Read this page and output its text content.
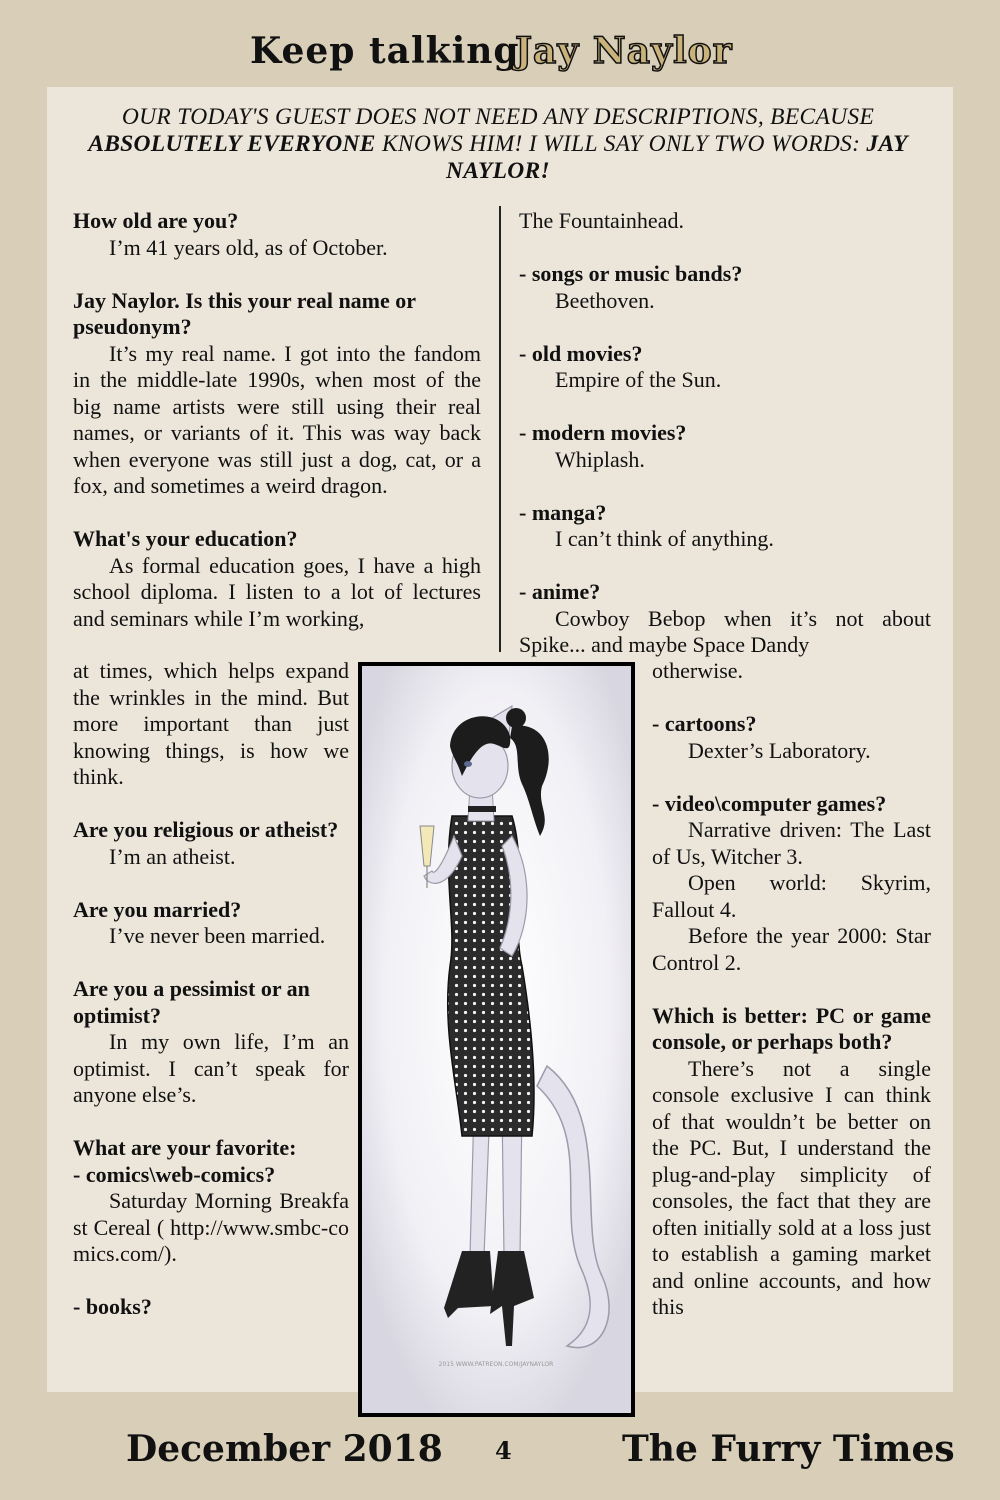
Keep talking
Jay Naylor
OUR TODAY'S GUEST DOES NOT NEED ANY DESCRIPTIONS, BECAUSE ABSOLUTELY EVERYONE KNOWS HIM! I WILL SAY ONLY TWO WORDS: JAY NAYLOR!
How old are you?
I’m 41 years old, as of October.
Jay Naylor. Is this your real name or pseudonym?
It’s my real name. I got into the fandom in the middle-late 1990s, when most of the big name artists were still using their real names, or variants of it. This was way back when everyone was still just a dog, cat, or a fox, and sometimes a weird dragon.
What's your education?
As formal education goes, I have a high school diploma. I listen to a lot of lectures and seminars while I’m working,
at times, which helps expand the wrinkles in the mind. But more important than just knowing things, is how we think.
Are you religious or atheist?
I’m an atheist.
Are you married?
I’ve never been married.
Are you a pessimist or an optimist?
In my own life, I’m an optimist. I can’t speak for anyone else’s.
What are your favorite:
- comics\web-comics?
Saturday Morning Breakfast Cereal ( http://www.smbc-comics.com/).
- books?
The Fountainhead.
- songs or music bands?
Beethoven.
- old movies?
Empire of the Sun.
- modern movies?
Whiplash.
- manga?
I can’t think of anything.
- anime?
Cowboy Bebop when it’s not about Spike... and maybe Space Dandy
otherwise.
- cartoons?
Dexter’s Laboratory.
- video\computer games?
Narrative driven: The Last of Us, Witcher 3.
Open world: Skyrim, Fallout 4.
Before the year 2000: Star Control 2.
Which is better: PC or game console, or perhaps both?
There’s not a single console exclusive I can think of that wouldn’t be better on the PC. But, I understand the plug-and-play simplicity of consoles, the fact that they are often initially sold at a loss just to establish a gaming market and online accounts, and how this
2015 WWW.PATREON.COM/JAYNAYLOR
December 2018 4	The Furry Times
